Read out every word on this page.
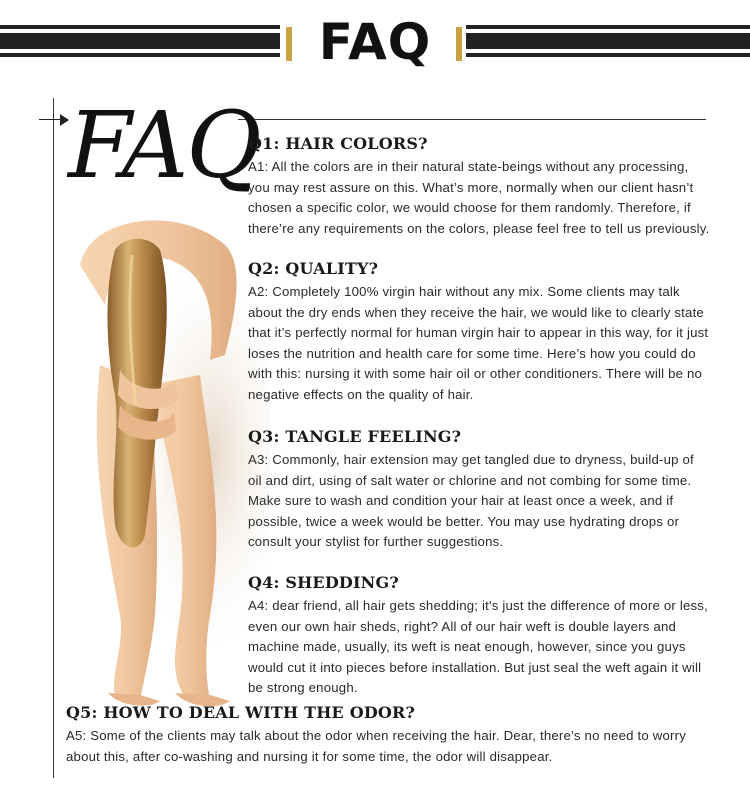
FAQ
FAQ
Q1: HAIR COLORS?

A1: All the colors are in their natural state-beings without any processing, you may rest assure on this. What’s more, normally when our client hasn’t chosen a specific color, we would choose for them randomly. Therefore, if there’re any requirements on the colors, please feel free to tell us previously.

Q2: QUALITY?

A2: Completely 100% virgin hair without any mix. Some clients may talk about the dry ends when they receive the hair, we would like to clearly state that it’s perfectly normal for human virgin hair to appear in this way, for it just loses the nutrition and health care for some time. Here’s how you could do with this: nursing it with some hair oil or other conditioners. There will be no negative effects on the quality of hair.

Q3: TANGLE FEELING?

A3: Commonly, hair extension may get tangled due to dryness, build-up of oil and dirt, using of salt water or chlorine and not combing for some time. Make sure to wash and condition your hair at least once a week, and if possible, twice a week would be better. You may use hydrating drops or consult your stylist for further suggestions.

Q4: SHEDDING?

A4: dear friend, all hair gets shedding; it's just the difference of more or less, even our own hair sheds, right? All of our hair weft is double layers and machine made, usually, its weft is neat enough, however, since you guys would cut it into pieces before installation. But just seal the weft again it will be strong enough.

Q5: HOW TO DEAL WITH THE ODOR?

A5: Some of the clients may talk about the odor when receiving the hair. Dear, there’s no need to worry about this, after co-washing and nursing it for some time, the odor will disappear.
